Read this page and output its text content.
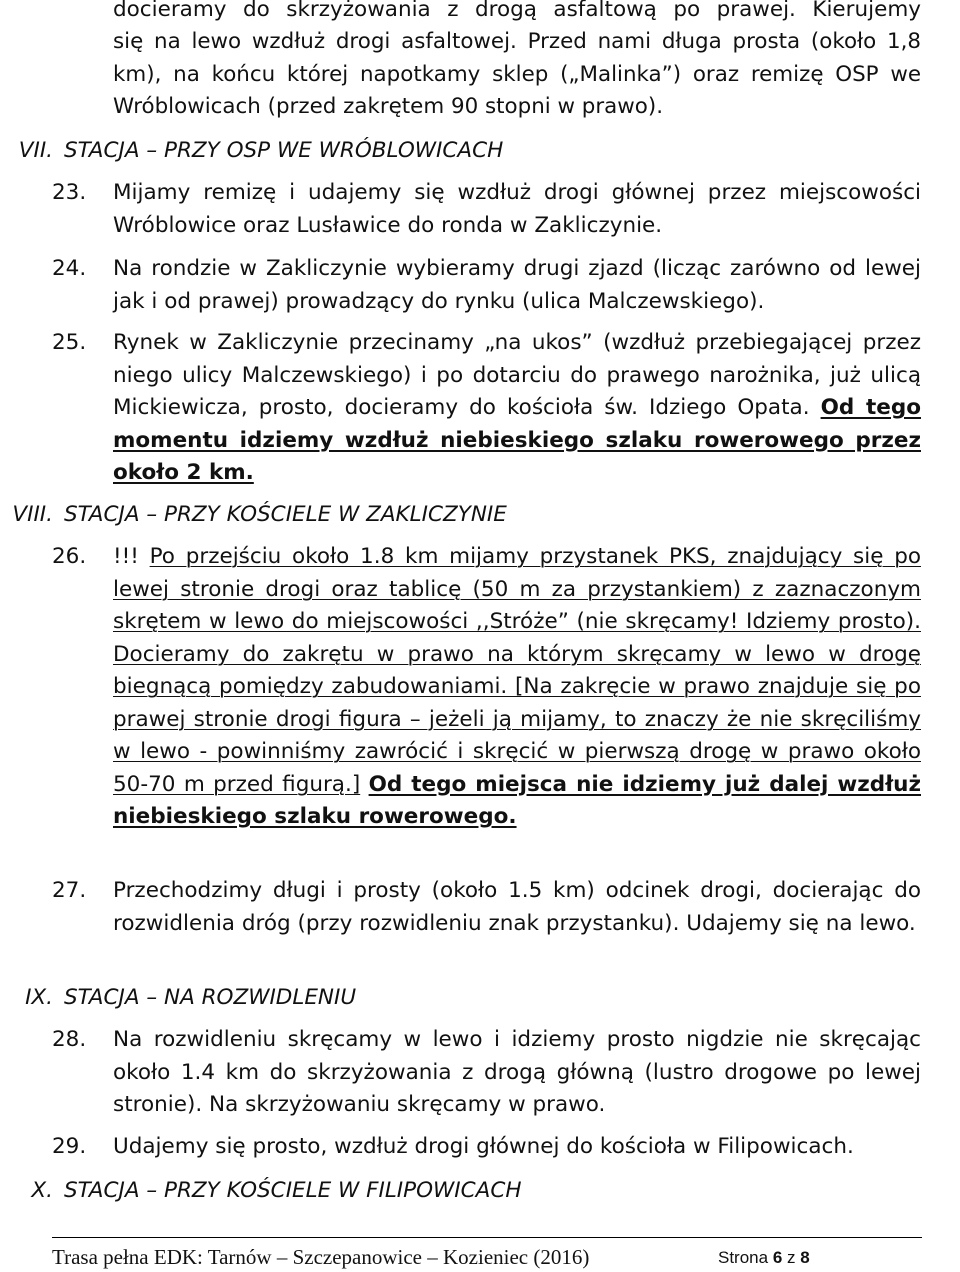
docieramy do skrzyżowania z drogą asfaltową po prawej. Kierujemy
się na lewo wzdłuż drogi asfaltowej. Przed nami długa prosta (około 1,8 km), na końcu której napotkamy sklep („Malinka”) oraz remizę OSP we Wróblowicach (przed zakrętem 90 stopni w prawo).
VII. STACJA – PRZY OSP WE WRÓBLOWICACH
23. Mijamy remizę i udajemy się wzdłuż drogi głównej przez miejscowości Wróblowice oraz Lusławice do ronda w Zakliczynie.
24. Na rondzie w Zakliczynie wybieramy drugi zjazd (licząc zarówno od lewej jak i od prawej) prowadzący do rynku (ulica Malczewskiego).
25. Rynek w Zakliczynie przecinamy „na ukos” (wzdłuż przebiegającej przez niego ulicy Malczewskiego) i po dotarciu do prawego narożnika, już ulicą Mickiewicza, prosto, docieramy do kościoła św. Idziego Opata. Od tego momentu idziemy wzdłuż niebieskiego szlaku rowerowego przez około 2 km.
VIII. STACJA – PRZY KOŚCIELE W ZAKLICZYNIE
26. !!! Po przejściu około 1.8 km mijamy przystanek PKS, znajdujący się po lewej stronie drogi oraz tablicę (50 m za przystankiem) z zaznaczonym skrętem w lewo do miejscowości ,,Stróże” (nie skręcamy! Idziemy prosto). Docieramy do zakrętu w prawo na którym skręcamy w lewo w drogę biegnącą pomiędzy zabudowaniami. [Na zakręcie w prawo znajduje się po prawej stronie drogi figura – jeżeli ją mijamy, to znaczy że nie skręciliśmy w lewo - powinniśmy zawrócić i skręcić w pierwszą drogę w prawo około 50-70 m przed figurą.] Od tego miejsca nie idziemy już dalej wzdłuż niebieskiego szlaku rowerowego.
27. Przechodzimy długi i prosty (około 1.5 km) odcinek drogi, docierając do rozwidlenia dróg (przy rozwidleniu znak przystanku). Udajemy się na lewo.
IX. STACJA – NA ROZWIDLENIU
28. Na rozwidleniu skręcamy w lewo i idziemy prosto nigdzie nie skręcając około 1.4 km do skrzyżowania z drogą główną (lustro drogowe po lewej stronie). Na skrzyżowaniu skręcamy w prawo.
29. Udajemy się prosto, wzdłuż drogi głównej do kościoła w Filipowicach.
X. STACJA – PRZY KOŚCIELE W FILIPOWICACH
Trasa pełna EDK: Tarnów – Szczepanowice – Kozieniec (2016)	Strona 6 z 8
